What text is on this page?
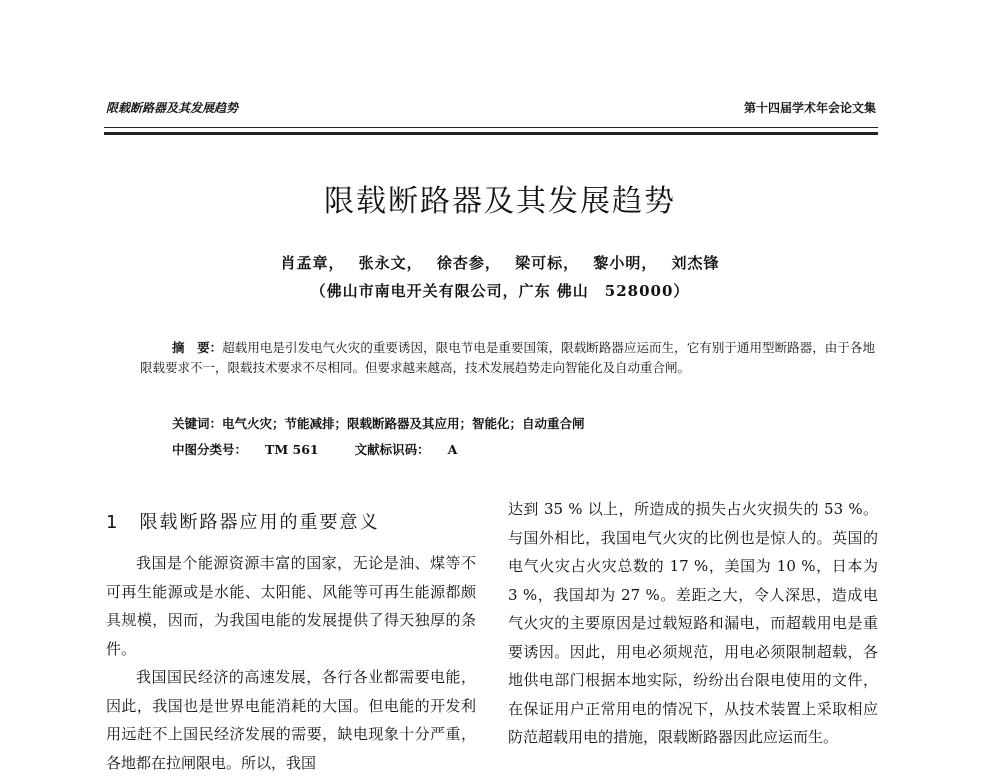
限载断路器及其发展趋势	第十四届学术年会论文集
限载断路器及其发展趋势
肖孟章， 张永文， 徐杏参， 梁可标， 黎小明， 刘杰锋
（佛山市南电开关有限公司，广东 佛山　528000）

摘　要：超载用电是引发电气火灾的重要诱因，限电节电是重要国策，限载断路器应运而生，它有别于通用型断路器，由于各地限载要求不一，限载技术要求不尽相同。但要求越来越高，技术发展趋势走向智能化及自动重合闸。

关键词：电气火灾；节能减排；限载断路器及其应用；智能化；自动重合闸
中图分类号： TM 561	文献标识码： A
1 限载断路器应用的重要意义

我国是个能源资源丰富的国家，无论是油、煤等不可再生能源或是水能、太阳能、风能等可再生能源都颇具规模，因而，为我国电能的发展提供了得天独厚的条件。

我国国民经济的高速发展，各行各业都需要电能，因此，我国也是世界电能消耗的大国。但电能的开发利用远赶不上国民经济发展的需要，缺电现象十分严重，各地都在拉闸限电。所以，我国

达到 35 % 以上，所造成的损失占火灾损失的 53 %。与国外相比，我国电气火灾的比例也是惊人的。英国的电气火灾占火灾总数的 17 %，美国为 10 %，日本为 3 %，我国却为 27 %。差距之大，令人深思，造成电气火灾的主要原因是过载短路和漏电，而超载用电是重要诱因。因此，用电必须规范，用电必须限制超载，各地供电部门根据本地实际，纷纷出台限电使用的文件，在保证用户正常用电的情况下，从技术装置上采取相应防范超载用电的措施，限载断路器因此应运而生。
